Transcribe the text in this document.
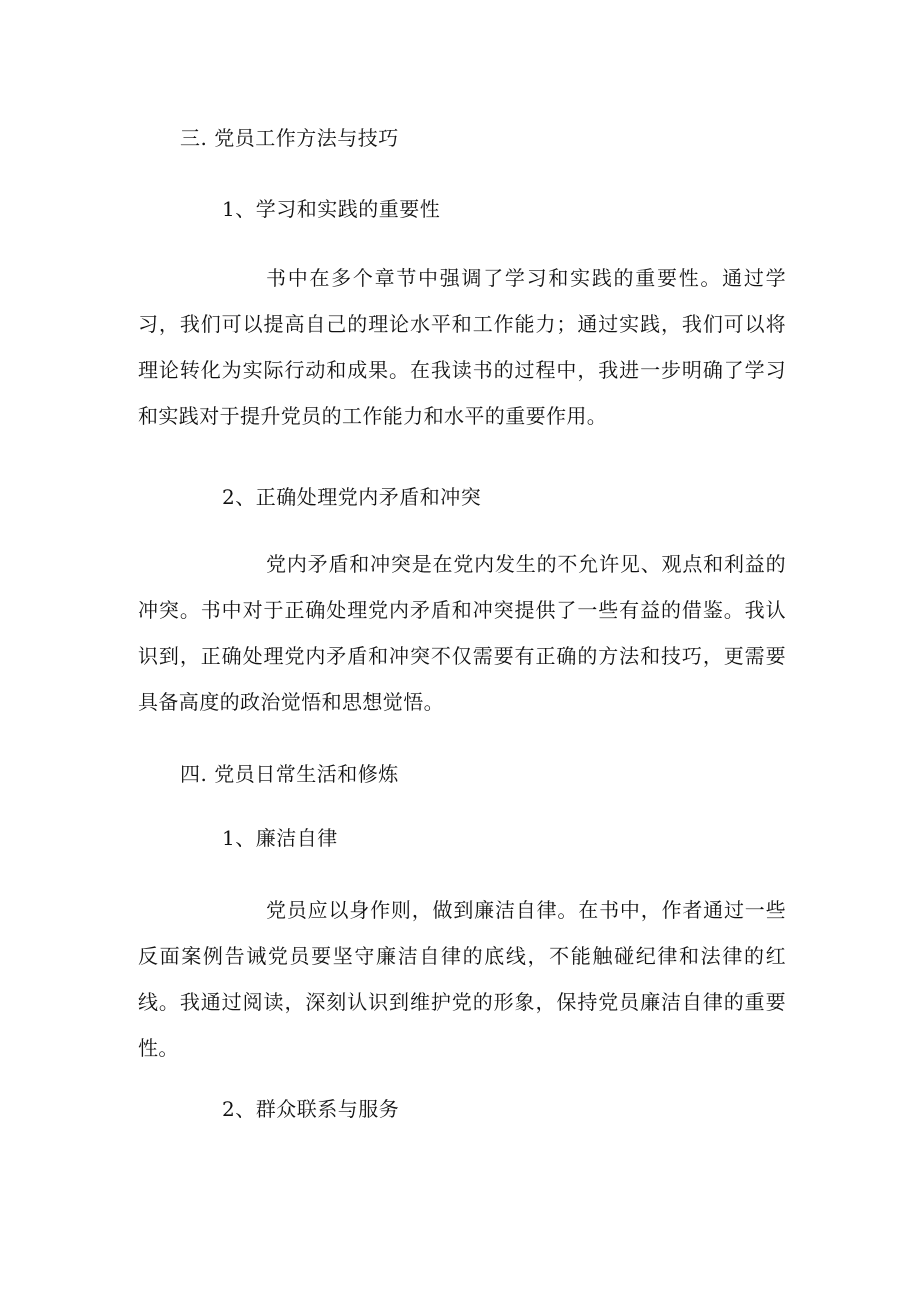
三. 党员工作方法与技巧
1、学习和实践的重要性
书中在多个章节中强调了学习和实践的重要性。通过学习，我们可以提高自己的理论水平和工作能力；通过实践，我们可以将理论转化为实际行动和成果。在我读书的过程中，我进一步明确了学习和实践对于提升党员的工作能力和水平的重要作用。
2、正确处理党内矛盾和冲突
党内矛盾和冲突是在党内发生的不允许见、观点和利益的冲突。书中对于正确处理党内矛盾和冲突提供了一些有益的借鉴。我认识到，正确处理党内矛盾和冲突不仅需要有正确的方法和技巧，更需要具备高度的政治觉悟和思想觉悟。
四. 党员日常生活和修炼
1、廉洁自律
党员应以身作则，做到廉洁自律。在书中，作者通过一些反面案例告诫党员要坚守廉洁自律的底线，不能触碰纪律和法律的红线。我通过阅读，深刻认识到维护党的形象，保持党员廉洁自律的重要性。
2、群众联系与服务
